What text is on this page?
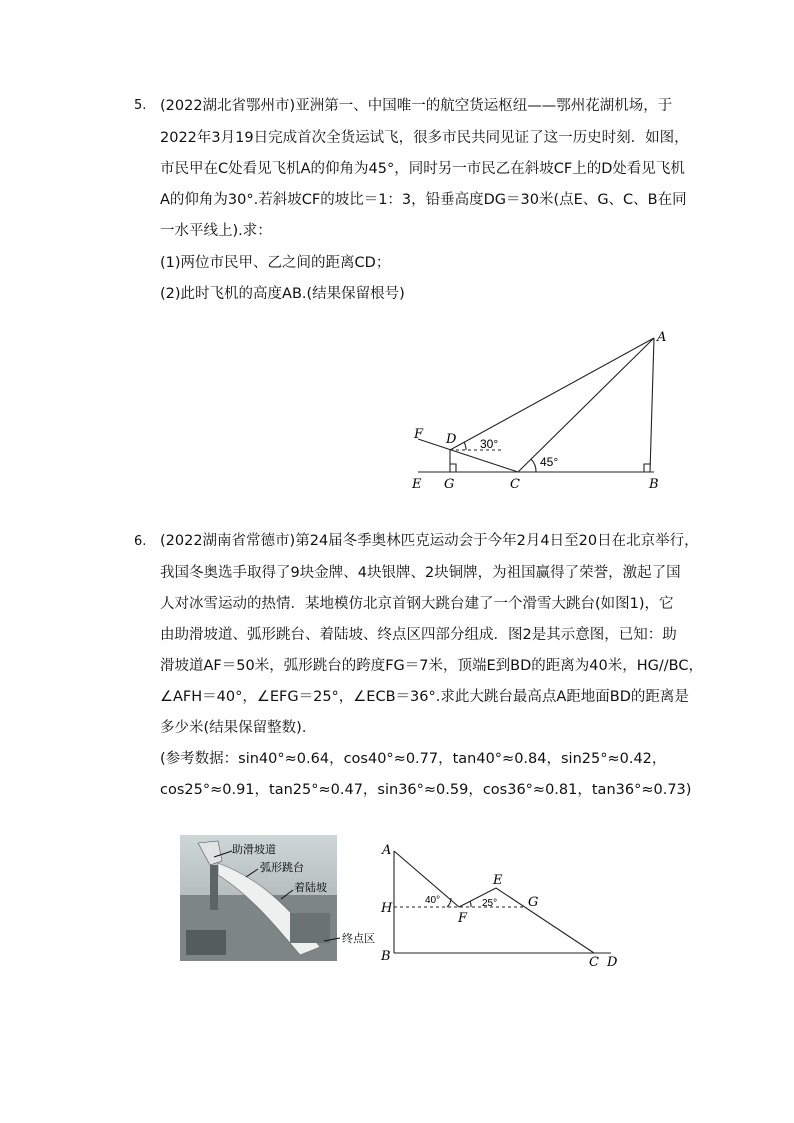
5. (2022湖北省鄂州市)亚洲第一、中国唯一的航空货运枢纽——鄂州花湖机场，于
2022年3月19日完成首次全货运试飞，很多市民共同见证了这一历史时刻．如图，
市民甲在C处看见飞机A的仰角为45°，同时另一市民乙在斜坡CF上的D处看见飞机
A的仰角为30°.若斜坡CF的坡比＝1：3，铅垂高度DG＝30米(点E、G、C、B在同
一水平线上).求：
(1)两位市民甲、乙之间的距离CD；
(2)此时飞机的高度AB.(结果保留根号)
A
F D
E G	C	B
30°
45°
6. (2022湖南省常德市)第24届冬季奥林匹克运动会于今年2月4日至20日在北京举行，
我国冬奥选手取得了9块金牌、4块银牌、2块铜牌，为祖国赢得了荣誉，激起了国
人对冰雪运动的热情．某地模仿北京首钢大跳台建了一个滑雪大跳台(如图1)，它
由助滑坡道、弧形跳台、着陆坡、终点区四部分组成．图2是其示意图，已知：助
滑坡道AF＝50米，弧形跳台的跨度FG＝7米，顶端E到BD的距离为40米，HG//BC，
∠AFH＝40°，∠EFG＝25°，∠ECB＝36°.求此大跳台最高点A距地面BD的距离是
多少米(结果保留整数)．
(参考数据：sin40°≈0.64，cos40°≈0.77，tan40°≈0.84，sin25°≈0.42，
cos25°≈0.91，tan25°≈0.47，sin36°≈0.59，cos36°≈0.81，tan36°≈0.73)
助滑坡道
弧形跳台
着陆坡
终点区
A
H
B
F
E
G
C D
40°	25°
